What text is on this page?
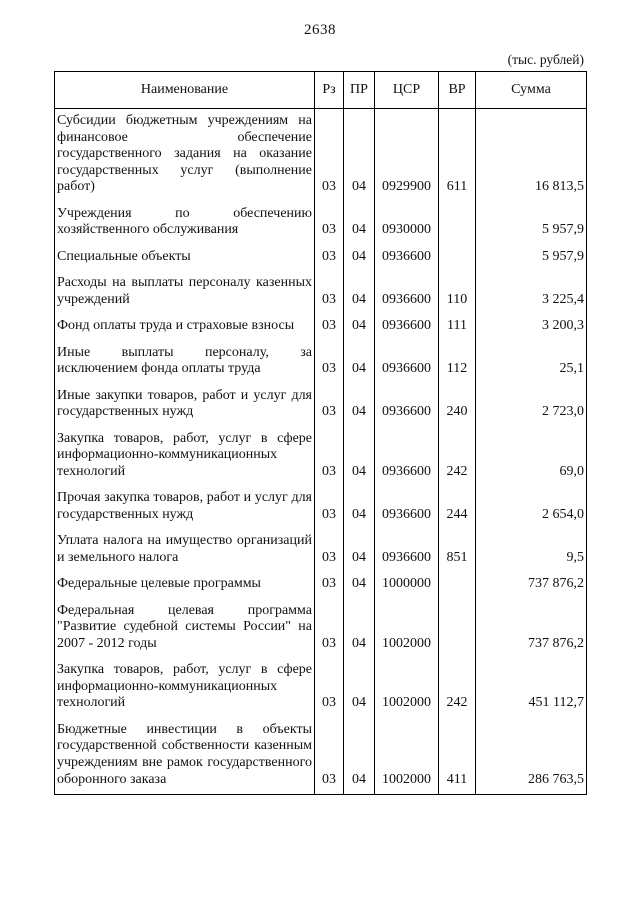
2638
(тыс. рублей)
Наименование	Рз	ПР	ЦСР	ВР	Сумма
Субсидии бюджетным учреждениям на финансовое обеспечение государственного задания на оказание государственных услуг (выполнение работ)	03	04	0929900	611	16 813,5
Учреждения по обеспечению хозяйственного обслуживания	03	04	0930000		5 957,9
Специальные объекты	03	04	0936600		5 957,9
Расходы на выплаты персоналу казенных учреждений	03	04	0936600	110	3 225,4
Фонд оплаты труда и страховые взносы	03	04	0936600	111	3 200,3
Иные выплаты персоналу, за исключением фонда оплаты труда	03	04	0936600	112	25,1
Иные закупки товаров, работ и услуг для государственных нужд	03	04	0936600	240	2 723,0
Закупка товаров, работ, услуг в сфере информационно-коммуникационных технологий	03	04	0936600	242	69,0
Прочая закупка товаров, работ и услуг для государственных нужд	03	04	0936600	244	2 654,0
Уплата налога на имущество организаций и земельного налога	03	04	0936600	851	9,5
Федеральные целевые программы	03	04	1000000		737 876,2
Федеральная целевая программа "Развитие судебной системы России" на 2007 - 2012 годы	03	04	1002000		737 876,2
Закупка товаров, работ, услуг в сфере информационно-коммуникационных технологий	03	04	1002000	242	451 112,7
Бюджетные инвестиции в объекты государственной собственности казенным учреждениям вне рамок государственного оборонного заказа	03	04	1002000	411	286 763,5
